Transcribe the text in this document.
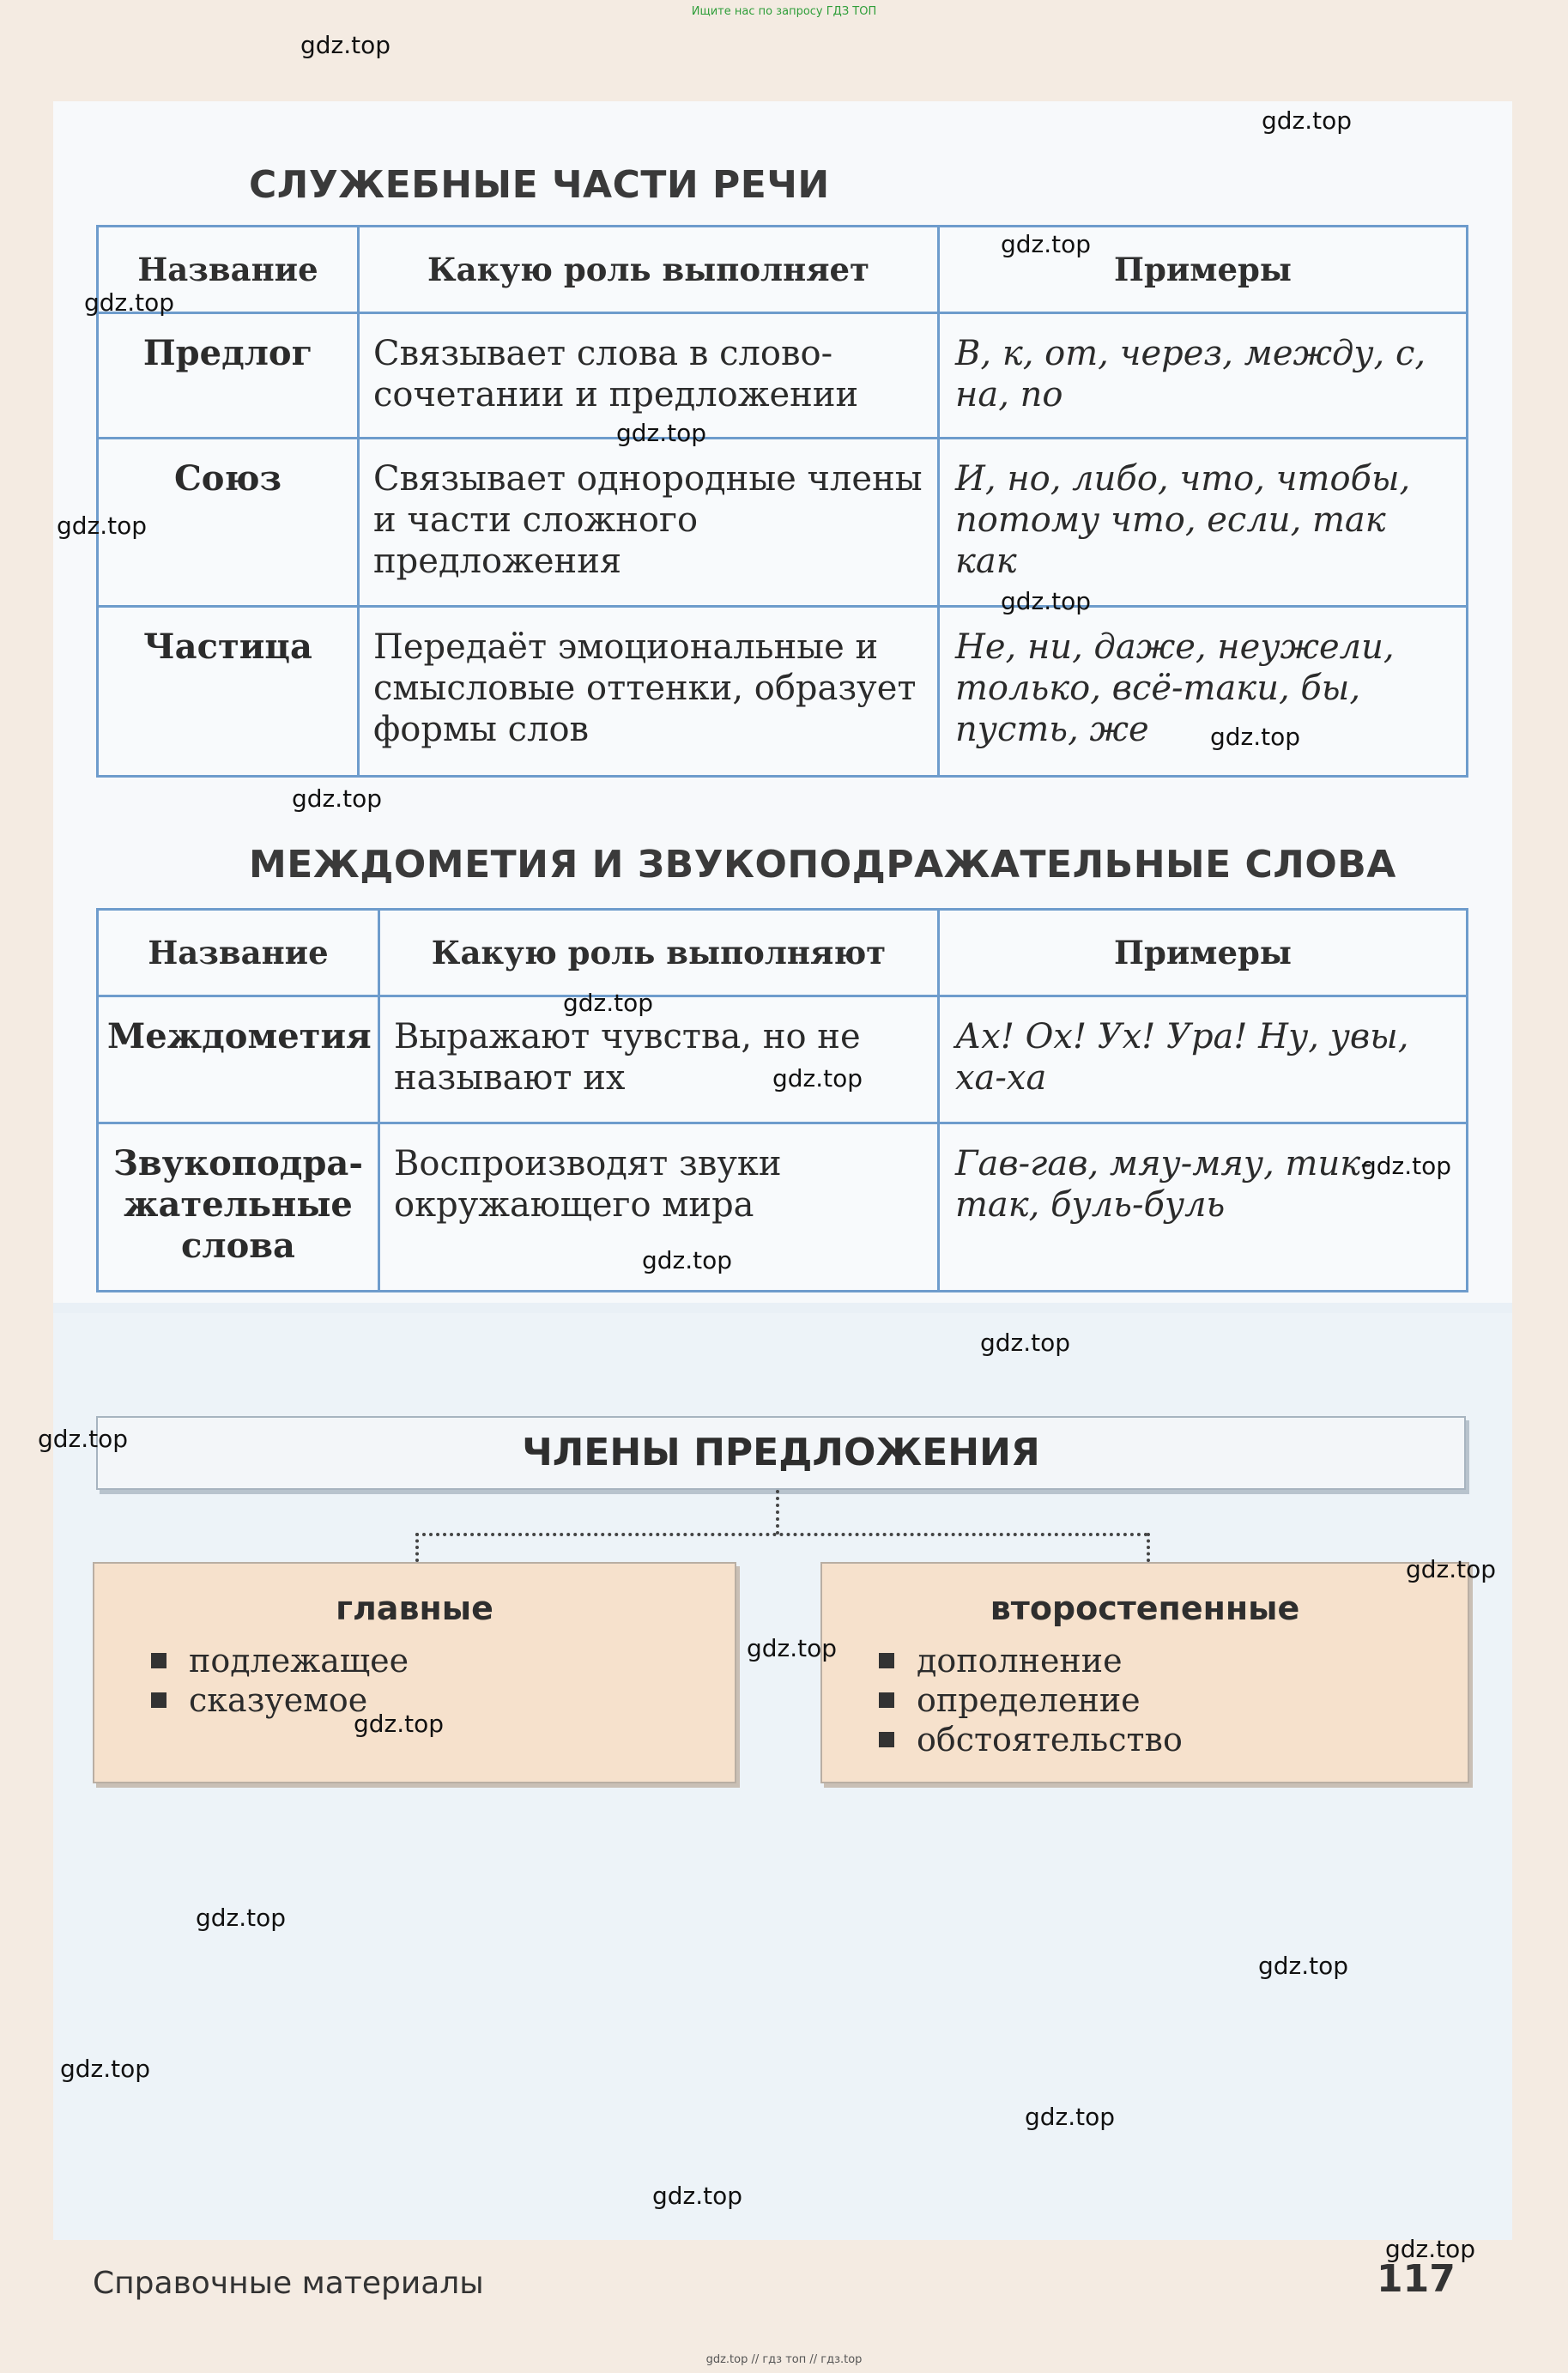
Ищите нас по запросу ГДЗ ТОП
СЛУЖЕБНЫЕ ЧАСТИ РЕЧИ
Название	Какую роль выполняет	Примеры
Предлог	Связывает слова в слово-сочетании и предложении	В, к, от, через, между, с, на, по
Союз	Связывает однородные члены и части сложного предложения	И, но, либо, что, чтобы, потому что, если, так как
Частица	Передаёт эмоциональные и смысловые оттенки, образует формы слов	Не, ни, даже, неужели, только, всё-таки, бы, пусть, же
МЕЖДОМЕТИЯ И ЗВУКОПОДРАЖАТЕЛЬНЫЕ СЛОВА
Название	Какую роль выполняют	Примеры
Междометия	Выражают чувства, но не называют их	Ах! Ох! Ух! Ура! Ну, увы, ха-ха
Звукоподра-жательные слова	Воспроизводят звуки окружающего мира	Гав-гав, мяу-мяу, тик-так, буль-буль
ЧЛЕНЫ ПРЕДЛОЖЕНИЯ
главные
подлежащее
сказуемое
второстепенные
дополнение
определение
обстоятельство
Справочные материалы	117
gdz.top // гдз топ // гдз.top
gdz.top
gdz.top
gdz.top
gdz.top
gdz.top
gdz.top
gdz.top
gdz.top
gdz.top
gdz.top
gdz.top
gdz.top
gdz.top
gdz.top
gdz.top
gdz.top
gdz.top
gdz.top
gdz.top
gdz.top
gdz.top
gdz.top
gdz.top
gdz.top
